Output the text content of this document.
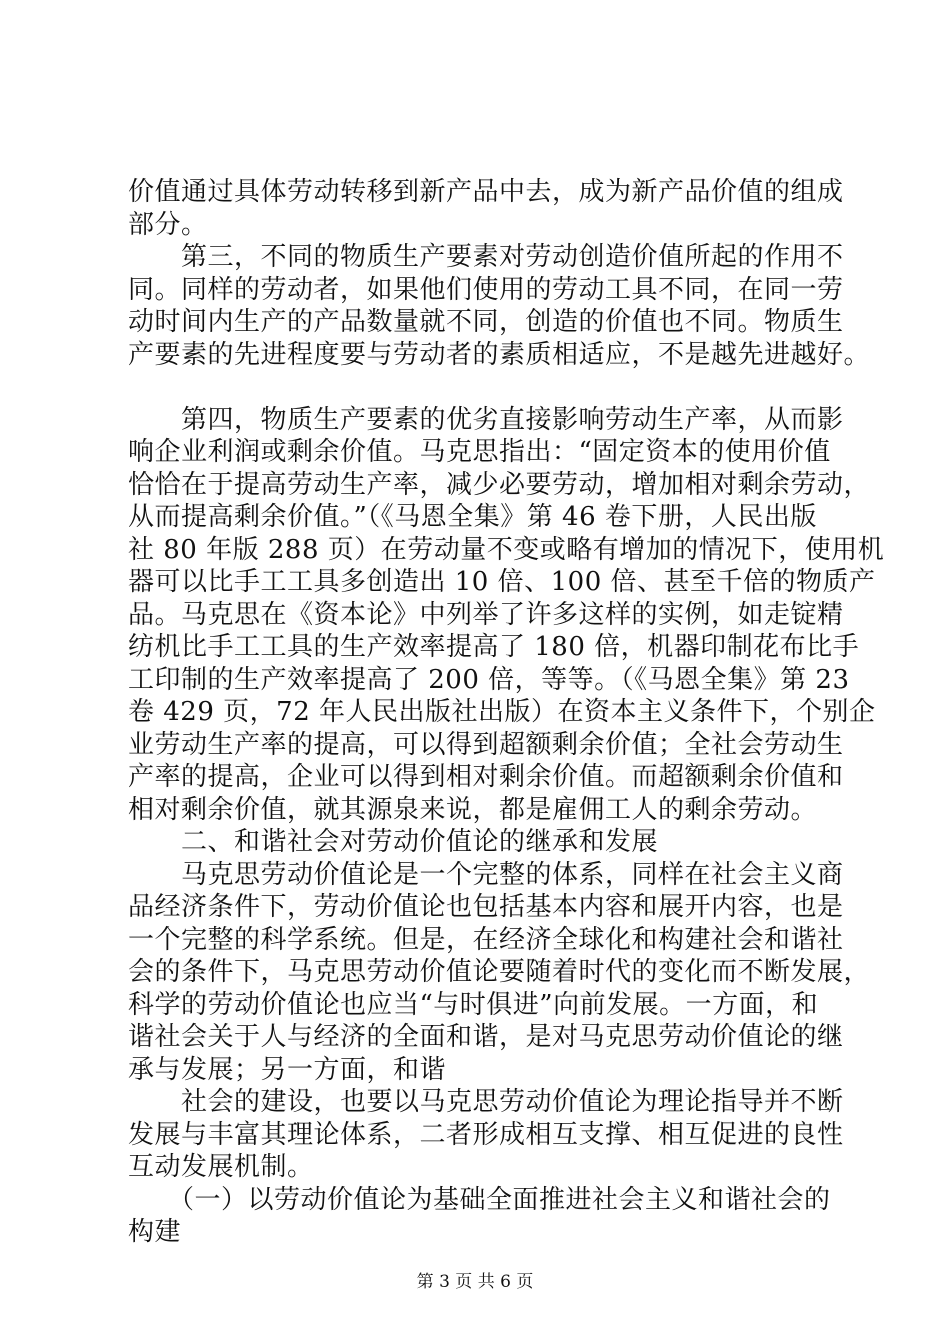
价值通过具体劳动转移到新产品中去，成为新产品价值的组成
部分。
　　第三，不同的物质生产要素对劳动创造价值所起的作用不
同。同样的劳动者，如果他们使用的劳动工具不同，在同一劳
动时间内生产的产品数量就不同，创造的价值也不同。物质生
产要素的先进程度要与劳动者的素质相适应，不是越先进越好。
　　第四，物质生产要素的优劣直接影响劳动生产率，从而影
响企业利润或剩余价值。马克思指出：“固定资本的使用价值
恰恰在于提高劳动生产率，减少必要劳动，增加相对剩余劳动，
从而提高剩余价值。”（《马恩全集》第 46 卷下册，人民出版
社 80 年版 288 页）在劳动量不变或略有增加的情况下，使用机
器可以比手工工具多创造出 10 倍、100 倍、甚至千倍的物质产
品。马克思在《资本论》中列举了许多这样的实例，如走锭精
纺机比手工工具的生产效率提高了 180 倍，机器印制花布比手
工印制的生产效率提高了 200 倍，等等。（《马恩全集》第 23
卷 429 页，72 年人民出版社出版）在资本主义条件下，个别企
业劳动生产率的提高，可以得到超额剩余价值；全社会劳动生
产率的提高，企业可以得到相对剩余价值。而超额剩余价值和
相对剩余价值，就其源泉来说，都是雇佣工人的剩余劳动。
　　二、和谐社会对劳动价值论的继承和发展
　　马克思劳动价值论是一个完整的体系，同样在社会主义商
品经济条件下，劳动价值论也包括基本内容和展开内容，也是
一个完整的科学系统。但是，在经济全球化和构建社会和谐社
会的条件下，马克思劳动价值论要随着时代的变化而不断发展，
科学的劳动价值论也应当“与时俱进”向前发展。一方面，和
谐社会关于人与经济的全面和谐，是对马克思劳动价值论的继
承与发展；另一方面，和谐
　　社会的建设，也要以马克思劳动价值论为理论指导并不断
发展与丰富其理论体系，二者形成相互支撑、相互促进的良性
互动发展机制。
　　（一）以劳动价值论为基础全面推进社会主义和谐社会的
构建
第 3 页 共 6 页
